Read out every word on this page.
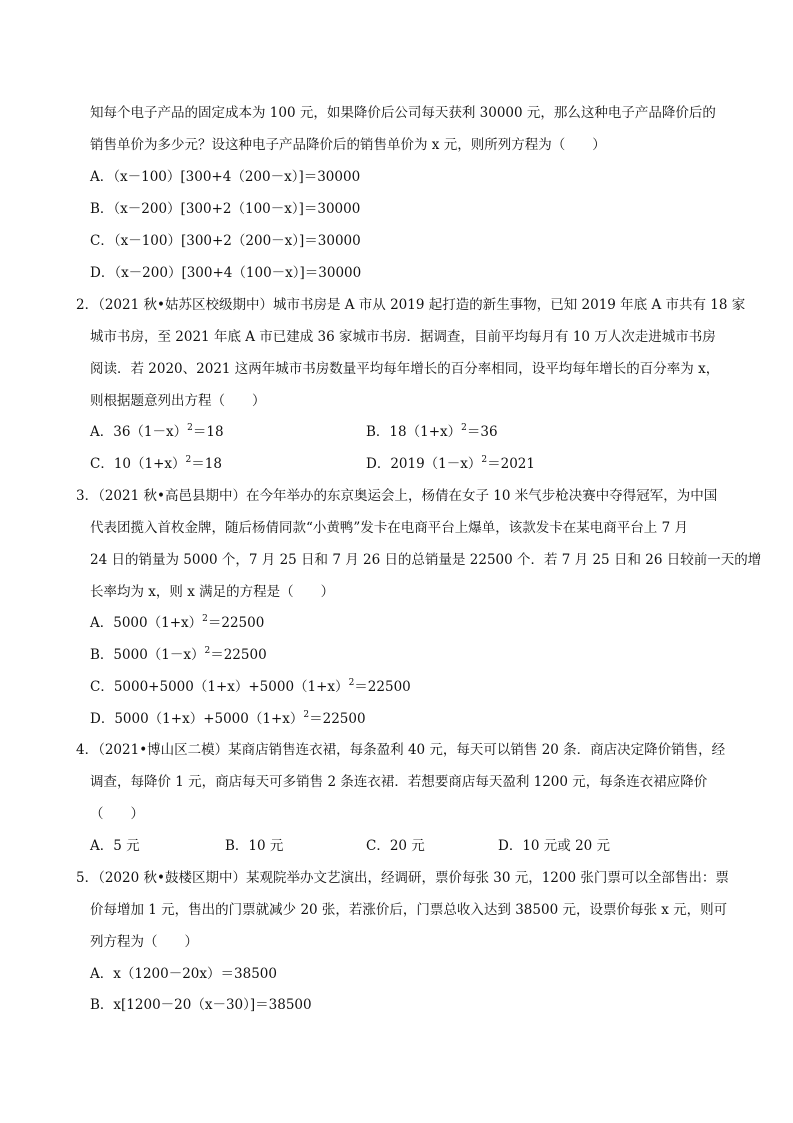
知每个电子产品的固定成本为 100 元，如果降价后公司每天获利 30000 元，那么这种电子产品降价后的
销售单价为多少元？设这种电子产品降价后的销售单价为 x 元，则所列方程为（　　）
A．（x－100）[300+4（200－x）]＝30000
B．（x－200）[300+2（100－x）]＝30000
C．（x－100）[300+2（200－x）]＝30000
D．（x－200）[300+4（100－x）]＝30000
2．（2021 秋•姑苏区校级期中）城市书房是 A 市从 2019 起打造的新生事物，已知 2019 年底 A 市共有 18 家
城市书房，至 2021 年底 A 市已建成 36 家城市书房．据调查，目前平均每月有 10 万人次走进城市书房
阅读．若 2020、2021 这两年城市书房数量平均每年增长的百分率相同，设平均每年增长的百分率为 x，
则根据题意列出方程（　　）
A．$36(1-x)^2=18$	B．$18(1+x)^2=36$
C．$10(1+x)^2=18$	D．$2019(1-x)^2=2021$
3．（2021 秋•高邑县期中）在今年举办的东京奥运会上，杨倩在女子 10 米气步枪决赛中夺得冠军，为中国
代表团揽入首枚金牌，随后杨倩同款“小黄鸭”发卡在电商平台上爆单，该款发卡在某电商平台上 7 月
24 日的销量为 5000 个，7 月 25 日和 7 月 26 日的总销量是 22500 个．若 7 月 25 日和 26 日较前一天的增
长率均为 x，则 x 满足的方程是（　　）
A．$5000(1+x)^2=22500$
B．$5000(1-x)^2=22500$
C．$5000+5000(1+x)+5000(1+x)^2=22500$
D．$5000(1+x)+5000(1+x)^2=22500$
4．（2021•博山区二模）某商店销售连衣裙，每条盈利 40 元，每天可以销售 20 条．商店决定降价销售，经
调查，每降价 1 元，商店每天可多销售 2 条连衣裙．若想要商店每天盈利 1200 元，每条连衣裙应降价
（　　）
A．5 元	B．10 元	C．20 元	D．10 元或 20 元
5．（2020 秋•鼓楼区期中）某观院举办文艺演出，经调研，票价每张 30 元，1200 张门票可以全部售出：票
价每增加 1 元，售出的门票就减少 20 张，若涨价后，门票总收入达到 38500 元，设票价每张 x 元，则可
列方程为（　　）
A．x（1200－20x）＝38500
B．x[1200－20（x－30）]＝38500
